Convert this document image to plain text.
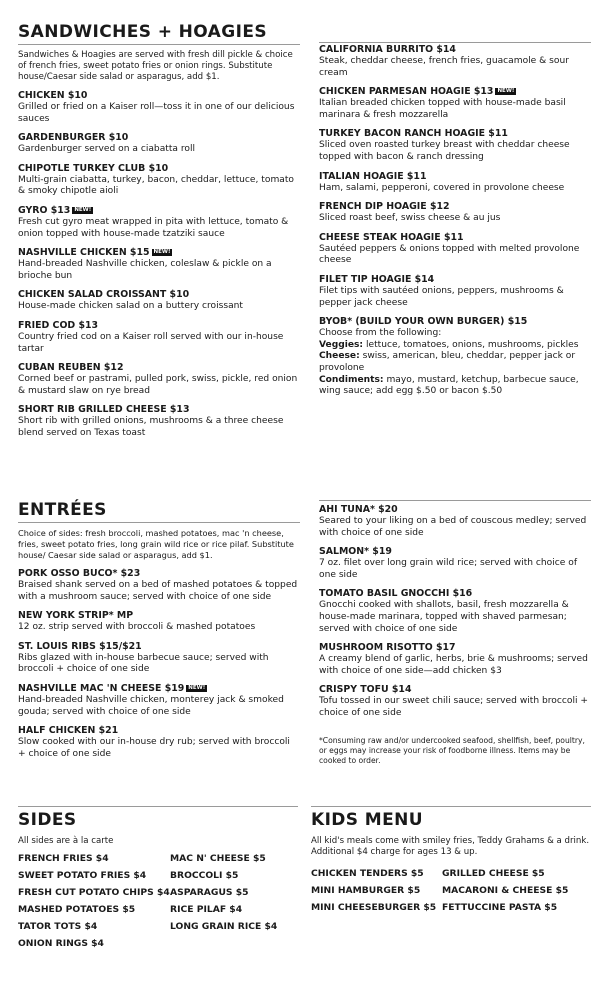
SANDWICHES + HOAGIES
Sandwiches & Hoagies are served with fresh dill pickle & choice of french fries, sweet potato fries or onion rings. Substitute house/Caesar side salad or asparagus, add $1.
CHICKEN $10
Grilled or fried on a Kaiser roll—toss it in one of our delicious sauces
GARDENBURGER $10
Gardenburger served on a ciabatta roll
CHIPOTLE TURKEY CLUB $10
Multi-grain ciabatta, turkey, bacon, cheddar, lettuce, tomato & smoky chipotle aioli
GYRO $13 NEW!
Fresh cut gyro meat wrapped in pita with lettuce, tomato & onion topped with house-made tzatziki sauce
NASHVILLE CHICKEN $15 NEW!
Hand-breaded Nashville chicken, coleslaw & pickle on a brioche bun
CHICKEN SALAD CROISSANT $10
House-made chicken salad on a buttery croissant
FRIED COD $13
Country fried cod on a Kaiser roll served with our in-house tartar
CUBAN REUBEN $12
Corned beef or pastrami, pulled pork, swiss, pickle, red onion & mustard slaw on rye bread
SHORT RIB GRILLED CHEESE $13
Short rib with grilled onions, mushrooms & a three cheese blend served on Texas toast
CALIFORNIA BURRITO $14
Steak, cheddar cheese, french fries, guacamole & sour cream
CHICKEN PARMESAN HOAGIE $13 NEW!
Italian breaded chicken topped with house-made basil marinara & fresh mozzarella
TURKEY BACON RANCH HOAGIE $11
Sliced oven roasted turkey breast with cheddar cheese topped with bacon & ranch dressing
ITALIAN HOAGIE $11
Ham, salami, pepperoni, covered in provolone cheese
FRENCH DIP HOAGIE $12
Sliced roast beef, swiss cheese & au jus
CHEESE STEAK HOAGIE $11
Sautéed peppers & onions topped with melted provolone cheese
FILET TIP HOAGIE $14
Filet tips with sautéed onions, peppers, mushrooms & pepper jack cheese
BYOB* (BUILD YOUR OWN BURGER) $15
Choose from the following:
Veggies: lettuce, tomatoes, onions, mushrooms, pickles
Cheese: swiss, american, bleu, cheddar, pepper jack or provolone
Condiments: mayo, mustard, ketchup, barbecue sauce, wing sauce; add egg $.50 or bacon $.50
ENTRÉES
Choice of sides: fresh broccoli, mashed potatoes, mac 'n cheese, fries, sweet potato fries, long grain wild rice or rice pilaf. Substitute house/ Caesar side salad or asparagus, add $1.
PORK OSSO BUCO* $23
Braised shank served on a bed of mashed potatoes & topped with a mushroom sauce; served with choice of one side
NEW YORK STRIP* MP
12 oz. strip served with broccoli & mashed potatoes
ST. LOUIS RIBS $15/$21
Ribs glazed with in-house barbecue sauce; served with broccoli + choice of one side
NASHVILLE MAC 'N CHEESE $19 NEW!
Hand-breaded Nashville chicken, monterey jack & smoked gouda; served with choice of one side
HALF CHICKEN $21
Slow cooked with our in-house dry rub; served with broccoli + choice of one side
AHI TUNA* $20
Seared to your liking on a bed of couscous medley; served with choice of one side
SALMON* $19
7 oz. filet over long grain wild rice; served with choice of one side
TOMATO BASIL GNOCCHI $16
Gnocchi cooked with shallots, basil, fresh mozzarella & house-made marinara, topped with shaved parmesan; served with choice of one side
MUSHROOM RISOTTO $17
A creamy blend of garlic, herbs, brie & mushrooms; served with choice of one side—add chicken $3
CRISPY TOFU $14
Tofu tossed in our sweet chili sauce; served with broccoli + choice of one side
*Consuming raw and/or undercooked seafood, shellfish, beef, poultry, or eggs may increase your risk of foodborne illness. Items may be cooked to order.
SIDES
All sides are à la carte
FRENCH FRIES $4
SWEET POTATO FRIES $4
FRESH CUT POTATO CHIPS $4
MASHED POTATOES $5
TATOR TOTS $4
ONION RINGS $4
MAC N' CHEESE $5
BROCCOLI $5
ASPARAGUS $5
RICE PILAF $4
LONG GRAIN RICE $4
KIDS MENU
All kid's meals come with smiley fries, Teddy Grahams & a drink. Additional $4 charge for ages 13 & up.
CHICKEN TENDERS $5
MINI HAMBURGER $5
MINI CHEESEBURGER $5
GRILLED CHEESE $5
MACARONI & CHEESE $5
FETTUCCINE PASTA $5
